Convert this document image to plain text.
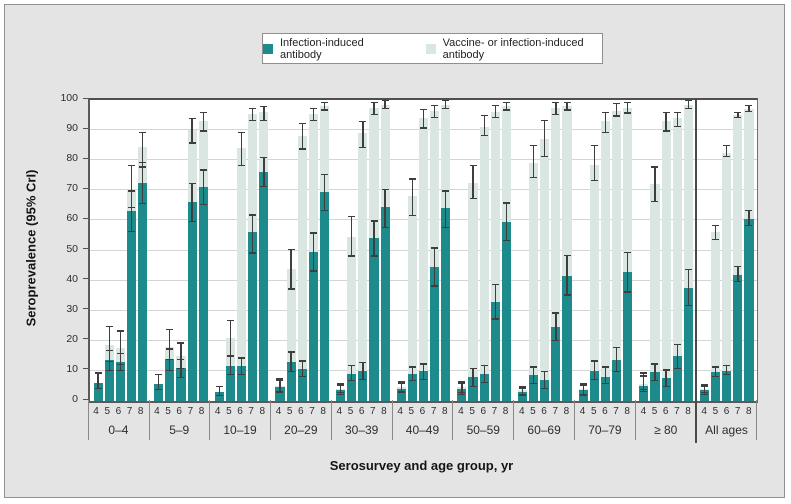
Infection-induced antibody
Vaccine- or infection-induced antibody
Seroprevalence (95% CrI)
0
10
20
30
40
50
60
70
80
90
100
4 5 6 7 8 4 5 6 7 8 4 5 6 7 8 4 5 6 7 8 4 5 6 7 8 4 5 6 7 8 4 5 6 7 8 4 5 6 7 8 4 5 6 7 8 4 5 6 7 8 4 5 6 7 8
0–4	5–9	10–19	20–29	30–39	40–49	50–59	60–69	70–79	≥ 80	All ages
Serosurvey and age group, yr
